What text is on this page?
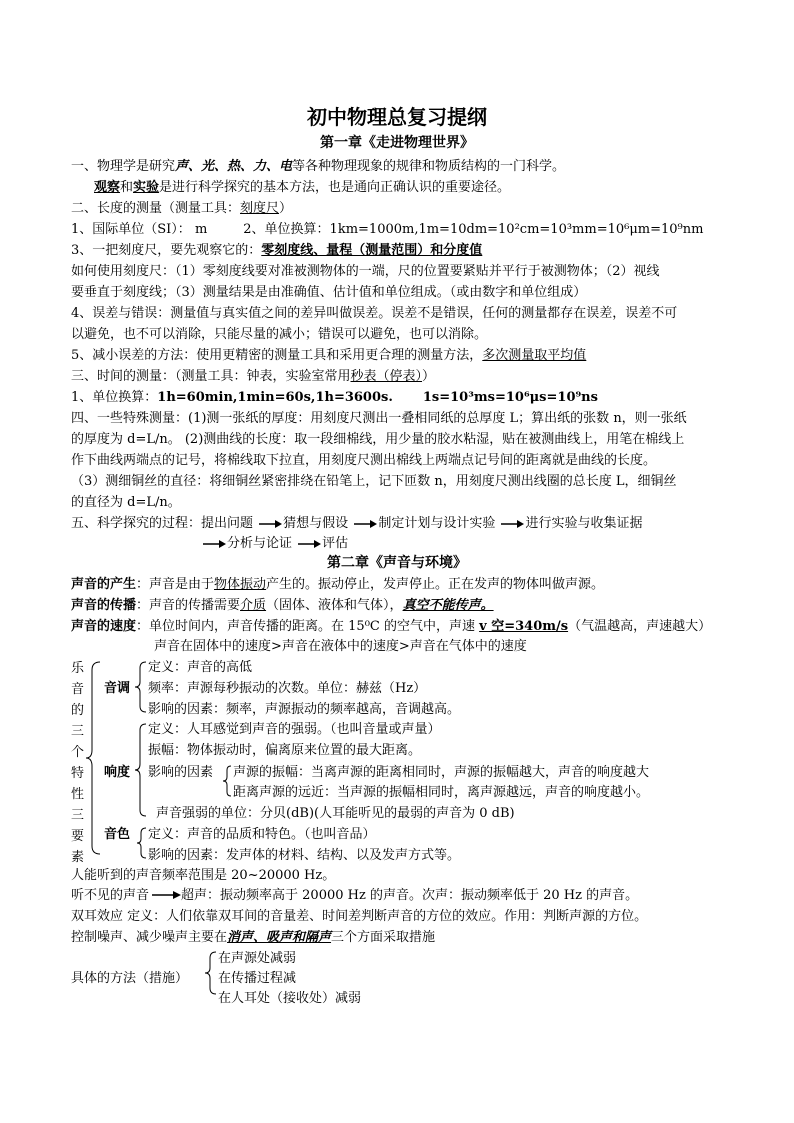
初中物理总复习提纲
第一章《走进物理世界》
一、物理学是研究声、光、热、力、电等各种物理现象的规律和物质结构的一门科学。
观察和实验是进行科学探究的基本方法，也是通向正确认识的重要途径。
二、长度的测量（测量工具：刻度尺）
1、国际单位（SI）： m	2、单位换算：1km=1000m,1m=10dm=10²cm=10³mm=10⁶μm=10⁹nm
3、一把刻度尺，要先观察它的：零刻度线、量程（测量范围）和分度值
如何使用刻度尺：（1）零刻度线要对准被测物体的一端，尺的位置要紧贴并平行于被测物体；（2）视线
要垂直于刻度线；（3）测量结果是由准确值、估计值和单位组成。（或由数字和单位组成）
4、误差与错误：测量值与真实值之间的差异叫做误差。误差不是错误，任何的测量都存在误差，误差不可
以避免，也不可以消除，只能尽量的减小；错误可以避免，也可以消除。
5、减小误差的方法：使用更精密的测量工具和采用更合理的测量方法，多次测量取平均值
三、时间的测量：（测量工具：钟表，实验室常用秒表（停表））
1、单位换算：1h=60min,1min=60s,1h=3600s. 1s=10³ms=10⁶μs=10⁹ns
四、一些特殊测量：(1)测一张纸的厚度：用刻度尺测出一叠相同纸的总厚度 L；算出纸的张数 n，则一张纸
的厚度为 d=L/n。 (2)测曲线的长度：取一段细棉线，用少量的胶水粘湿，贴在被测曲线上，用笔在棉线上
作下曲线两端点的记号，将棉线取下拉直，用刻度尺测出棉线上两端点记号间的距离就是曲线的长度。
（3）测细铜丝的直径：将细铜丝紧密排绕在铅笔上，记下匝数 n，用刻度尺测出线圈的总长度 L，细铜丝
的直径为 d=L/n。
五、科学探究的过程：提出问题 猜想与假设 制定计划与设计实验 进行实验与收集证据
分析与论证 评估
第二章《声音与环境》
声音的产生：声音是由于物体振动产生的。振动停止，发声停止。正在发声的物体叫做声源。
声音的传播：声音的传播需要介质（固体、液体和气体），真空不能传声。
声音的速度：单位时间内，声音传播的距离。在 15⁰C 的空气中，声速 v 空=340m/s（气温越高，声速越大）
声音在固体中的速度>声音在液体中的速度>声音在气体中的速度
乐
音
的
三
个
特
性
三
要
素
音调
定义：声音的高低
频率：声源每秒振动的次数。单位：赫兹（Hz）
影响的因素：频率，声源振动的频率越高，音调越高。
响度
定义：人耳感觉到声音的强弱。（也叫音量或声量）
振幅：物体振动时，偏离原来位置的最大距离。
影响的因素 声源的振幅：当离声源的距离相同时，声源的振幅越大，声音的响度越大
距离声源的远近：当声源的振幅相同时，离声源越远，声音的响度越小。
声音强弱的单位：分贝(dB)(人耳能听见的最弱的声音为 0 dB)
音色 定义：声音的品质和特色。（也叫音品）
影响的因素：发声体的材料、结构、以及发声方式等。
人能听到的声音频率范围是 20~20000 Hz。
听不见的声音 超声：振动频率高于 20000 Hz 的声音。次声：振动频率低于 20 Hz 的声音。
双耳效应 定义：人们依靠双耳间的音量差、时间差判断声音的方位的效应。作用：判断声源的方位。
控制噪声、减少噪声主要在消声、吸声和隔声三个方面采取措施
具体的方法（措施）
在声源处减弱
在传播过程减
在人耳处（接收处）减弱
